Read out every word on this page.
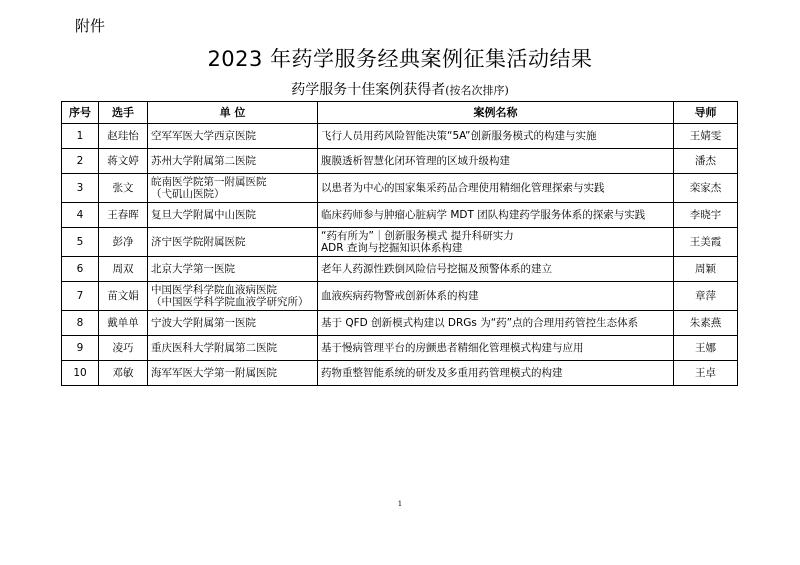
附件
2023 年药学服务经典案例征集活动结果
药学服务十佳案例获得者(按名次排序)
序号	选手	单 位	案例名称	导师
1	赵珪怡	空军军医大学西京医院	飞行人员用药风险智能决策“5A”创新服务模式的构建与实施	王婧雯
2	蒋文婷	苏州大学附属第二医院	腹膜透析智慧化闭环管理的区域升级构建	潘杰
3	张文	皖南医学院第一附属医院
（弋矶山医院）	以患者为中心的国家集采药品合理使用精细化管理探索与实践	栾家杰
4	王春晖	复旦大学附属中山医院	临床药师参与肿瘤心脏病学 MDT 团队构建药学服务体系的探索与实践	李晓宇
5	彭净	济宁医学院附属医院	“药有所为”｜创新服务模式 提升科研实力
ADR 查询与挖掘知识体系构建	王美霞
6	周双	北京大学第一医院	老年人药源性跌倒风险信号挖掘及预警体系的建立	周颖
7	苗文娟	中国医学科学院血液病医院
（中国医学科学院血液学研究所）	血液疾病药物警戒创新体系的构建	章萍
8	戴单单	宁波大学附属第一医院	基于 QFD 创新模式构建以 DRGs 为“药”点的合理用药管控生态体系	朱素燕
9	凌巧	重庆医科大学附属第二医院	基于慢病管理平台的房颤患者精细化管理模式构建与应用	王娜
10	邓敏	海军军医大学第一附属医院	药物重整智能系统的研发及多重用药管理模式的构建	王卓
1
